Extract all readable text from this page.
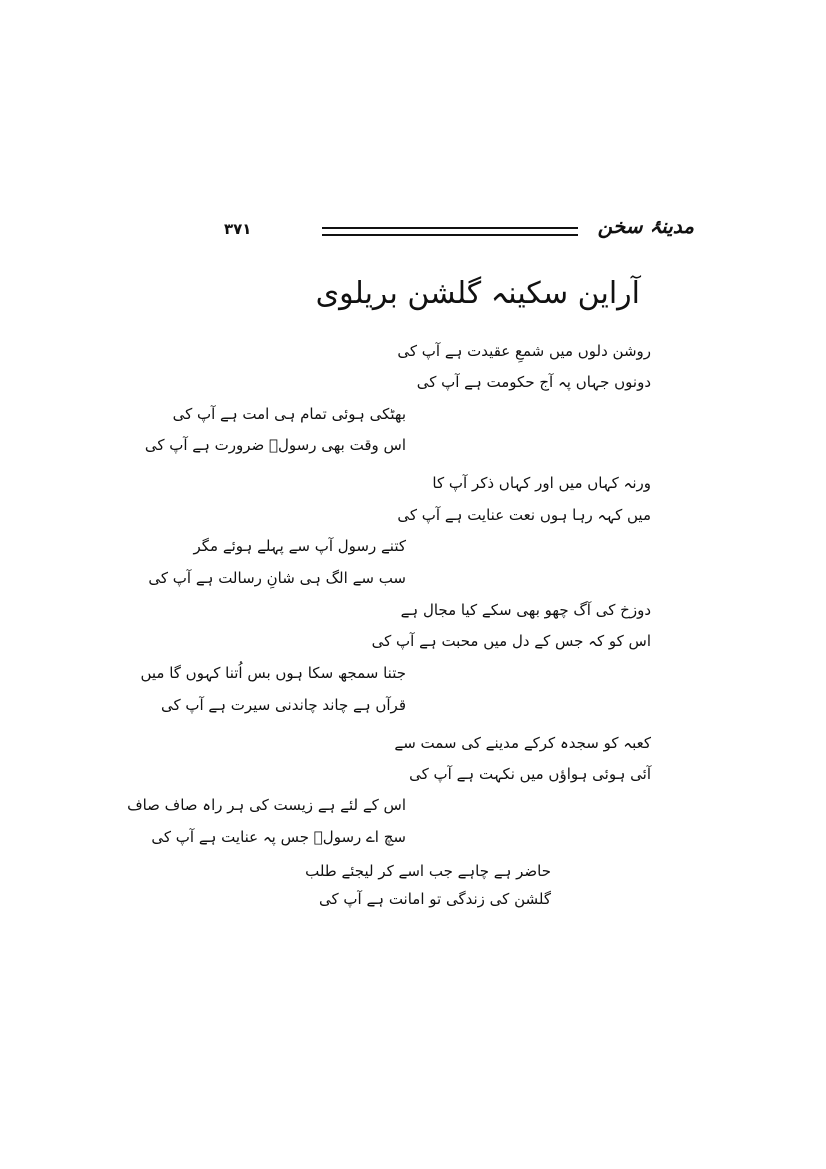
مدینۂ سخن
۳۷۱
آراین سکینہ گلشن بریلوی
روشن دلوں میں شمعِ عقیدت ہے آپ کی
دونوں جہاں پہ آج حکومت ہے آپ کی
بھٹکی ہوئی تمام ہی امت ہے آپ کی
اس وقت بھی رسولؐ ضرورت ہے آپ کی
ورنہ کہاں میں اور کہاں ذکر آپ کا
میں کہہ رہا ہوں نعت عنایت ہے آپ کی
کتنے رسول آپ سے پہلے ہوئے مگر
سب سے الگ ہی شانِ رسالت ہے آپ کی
دوزخ کی آگ چھو بھی سکے کیا مجال ہے
اس کو کہ جس کے دل میں محبت ہے آپ کی
جتنا سمجھ سکا ہوں بس اُتنا کہوں گا میں
قرآں ہے چاند چاندنی سیرت ہے آپ کی
کعبہ کو سجدہ کرکے مدینے کی سمت سے
آئی ہوئی ہواؤں میں نکہت ہے آپ کی
اس کے لئے ہے زیست کی ہر راہ صاف صاف
سچ اے رسولؐ جس پہ عنایت ہے آپ کی
حاضر ہے چاہے جب اسے کر لیجئے طلب
گلشن کی زندگی تو امانت ہے آپ کی
